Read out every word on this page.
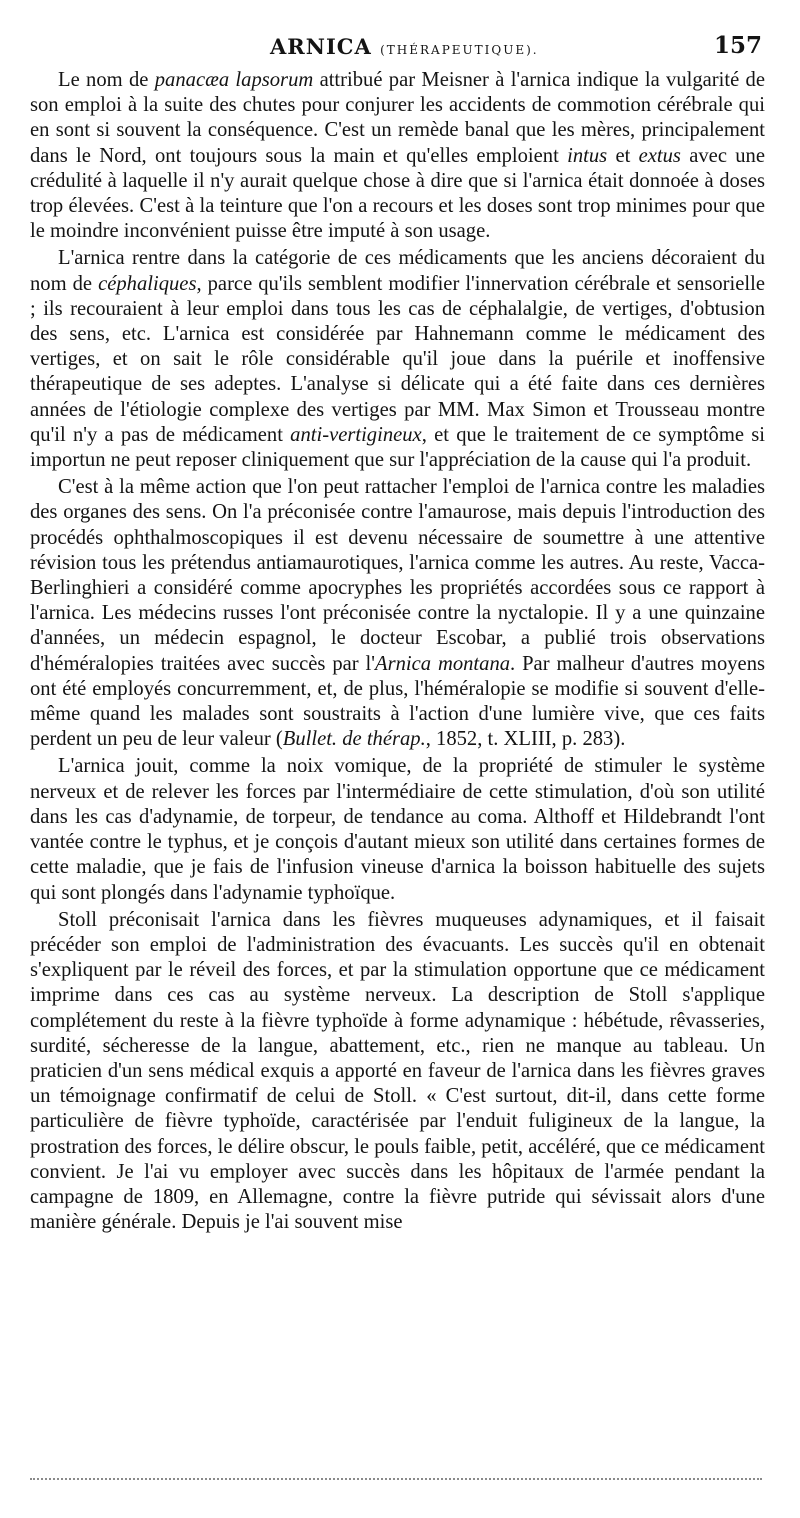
ARNICA (THÉRAPEUTIQUE).	157

Le nom de panacæa lapsorum attribué par Meisner à l'arnica indique la vulgarité de son emploi à la suite des chutes pour conjurer les accidents de commotion cérébrale qui en sont si souvent la conséquence. C'est un remède banal que les mères, principalement dans le Nord, ont toujours sous la main et qu'elles emploient intus et extus avec une crédulité à laquelle il n'y aurait quelque chose à dire que si l'arnica était donnoée à doses trop élevées. C'est à la teinture que l'on a recours et les doses sont trop minimes pour que le moindre inconvénient puisse être imputé à son usage.

L'arnica rentre dans la catégorie de ces médicaments que les anciens décoraient du nom de céphaliques, parce qu'ils semblent modifier l'innervation cérébrale et sensorielle ; ils recouraient à leur emploi dans tous les cas de céphalalgie, de vertiges, d'obtusion des sens, etc. L'arnica est considérée par Hahnemann comme le médicament des vertiges, et on sait le rôle considérable qu'il joue dans la puérile et inoffensive thérapeutique de ses adeptes. L'analyse si délicate qui a été faite dans ces dernières années de l'étiologie complexe des vertiges par MM. Max Simon et Trousseau montre qu'il n'y a pas de médicament anti-vertigineux, et que le traitement de ce symptôme si importun ne peut reposer cliniquement que sur l'appréciation de la cause qui l'a produit.

C'est à la même action que l'on peut rattacher l'emploi de l'arnica contre les maladies des organes des sens. On l'a préconisée contre l'amaurose, mais depuis l'introduction des procédés ophthalmoscopiques il est devenu nécessaire de soumettre à une attentive révision tous les prétendus antiamaurotiques, l'arnica comme les autres. Au reste, Vacca-Berlinghieri a considéré comme apocryphes les propriétés accordées sous ce rapport à l'arnica. Les médecins russes l'ont préconisée contre la nyctalopie. Il y a une quinzaine d'années, un médecin espagnol, le docteur Escobar, a publié trois observations d'héméralopies traitées avec succès par l'Arnica montana. Par malheur d'autres moyens ont été employés concurremment, et, de plus, l'héméralopie se modifie si souvent d'elle-même quand les malades sont soustraits à l'action d'une lumière vive, que ces faits perdent un peu de leur valeur (Bullet. de thérap., 1852, t. XLIII, p. 283).

L'arnica jouit, comme la noix vomique, de la propriété de stimuler le système nerveux et de relever les forces par l'intermédiaire de cette stimulation, d'où son utilité dans les cas d'adynamie, de torpeur, de tendance au coma. Althoff et Hildebrandt l'ont vantée contre le typhus, et je conçois d'autant mieux son utilité dans certaines formes de cette maladie, que je fais de l'infusion vineuse d'arnica la boisson habituelle des sujets qui sont plongés dans l'adynamie typhoïque.

Stoll préconisait l'arnica dans les fièvres muqueuses adynamiques, et il faisait précéder son emploi de l'administration des évacuants. Les succès qu'il en obtenait s'expliquent par le réveil des forces, et par la stimulation opportune que ce médicament imprime dans ces cas au système nerveux. La description de Stoll s'applique complétement du reste à la fièvre typhoïde à forme adynamique : hébétude, rêvasseries, surdité, sécheresse de la langue, abattement, etc., rien ne manque au tableau. Un praticien d'un sens médical exquis a apporté en faveur de l'arnica dans les fièvres graves un témoignage confirmatif de celui de Stoll. « C'est surtout, dit-il, dans cette forme particulière de fièvre typhoïde, caractérisée par l'enduit fuligineux de la langue, la prostration des forces, le délire obscur, le pouls faible, petit, accéléré, que ce médicament convient. Je l'ai vu employer avec succès dans les hôpitaux de l'armée pendant la campagne de 1809, en Allemagne, contre la fièvre putride qui sévissait alors d'une manière générale. Depuis je l'ai souvent mise
